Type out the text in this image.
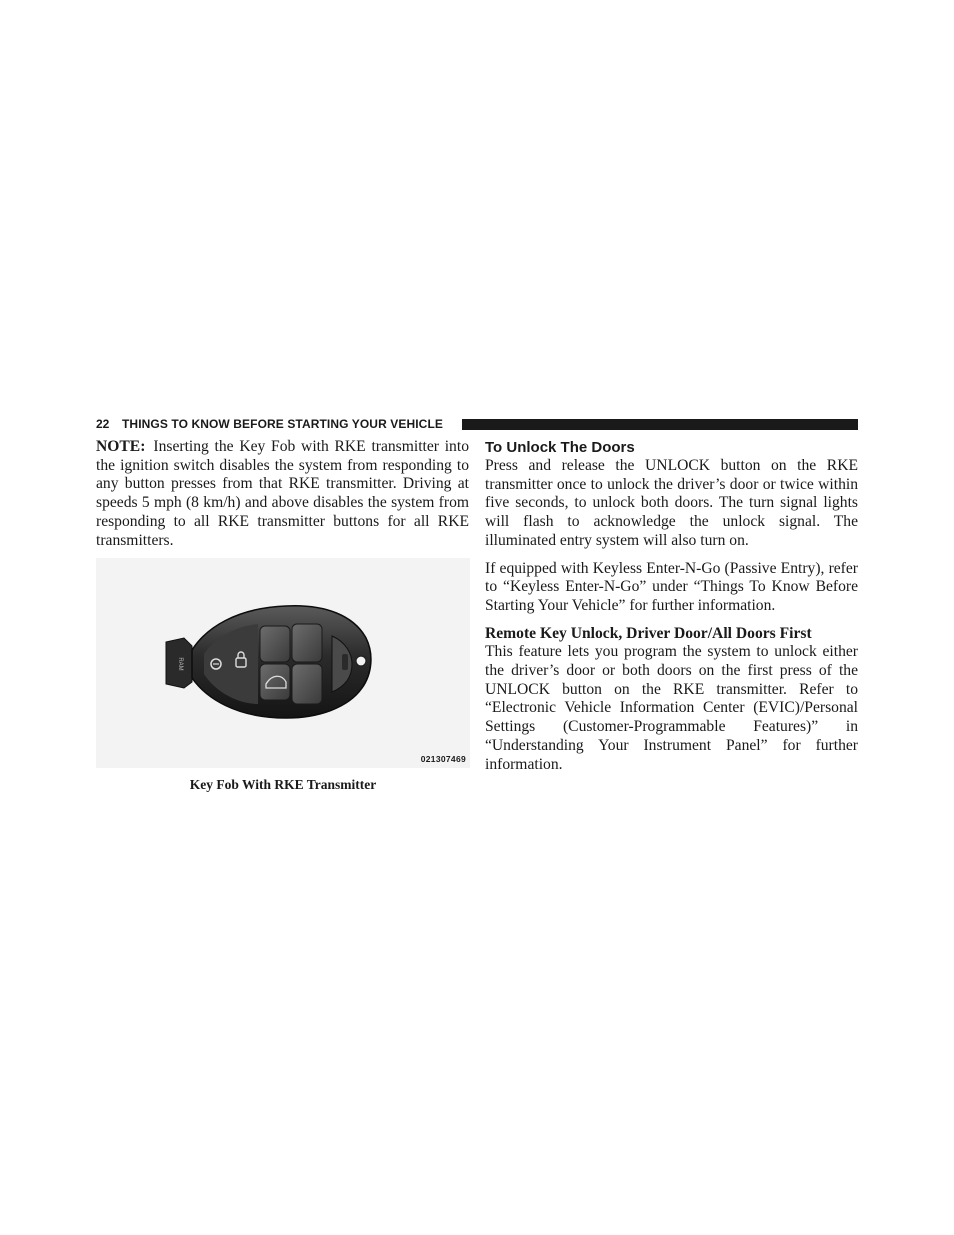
22 THINGS TO KNOW BEFORE STARTING YOUR VEHICLE

NOTE: Inserting the Key Fob with RKE transmitter into the ignition switch disables the system from responding to any button presses from that RKE transmitter. Driving at speeds 5 mph (8 km/h) and above disables the system from responding to all RKE transmitter buttons for all RKE transmitters.

RAM
021307469
Key Fob With RKE Transmitter
To Unlock The Doors

Press and release the UNLOCK button on the RKE transmitter once to unlock the driver’s door or twice within five seconds, to unlock both doors. The turn signal lights will flash to acknowledge the unlock signal. The illuminated entry system will also turn on.

If equipped with Keyless Enter-N-Go (Passive Entry), refer to “Keyless Enter-N-Go” under “Things To Know Before Starting Your Vehicle” for further information.

Remote Key Unlock, Driver Door/All Doors First

This feature lets you program the system to unlock either the driver’s door or both doors on the first press of the UNLOCK button on the RKE transmitter. Refer to “Electronic Vehicle Information Center (EVIC)/Personal Settings (Customer-Programmable Features)” in “Understanding Your Instrument Panel” for further information.
